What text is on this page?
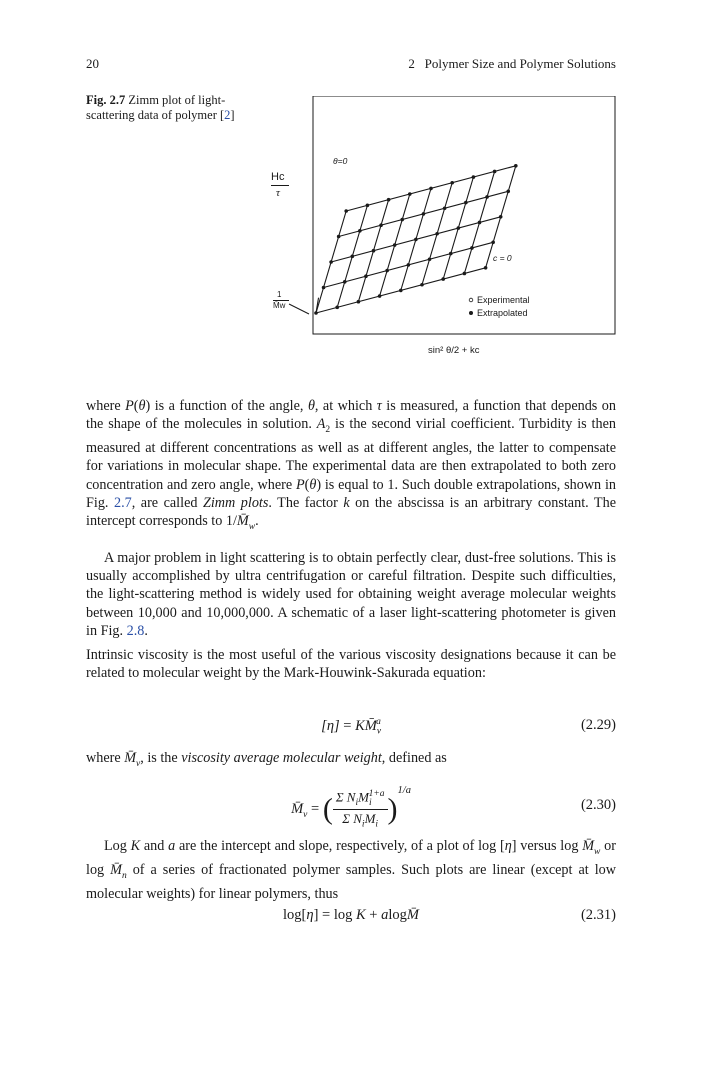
20	2   Polymer Size and Polymer Solutions
Fig. 2.7 Zimm plot of light-scattering data of polymer [2]
Hc
τ
1
M̄w
θ=0
c = 0
Experimental
Extrapolated
sin² θ/2 + kc

where P(θ) is a function of the angle, θ, at which τ is measured, a function that depends on the shape of the molecules in solution. $A_2$ is the second virial coefficient. Turbidity is then measured at different concentrations as well as at different angles, the latter to compensate for variations in molecular shape. The experimental data are then extrapolated to both zero concentration and zero angle, where P(θ) is equal to 1. Such double extrapolations, shown in Fig. 2.7, are called Zimm plots. The factor k on the abscissa is an arbitrary constant. The intercept corresponds to $1/M̄_w$.

A major problem in light scattering is to obtain perfectly clear, dust-free solutions. This is usually accomplished by ultra centrifugation or careful filtration. Despite such difficulties, the light-scattering method is widely used for obtaining weight average molecular weights between 10,000 and 10,000,000. A schematic of a laser light-scattering photometer is given in Fig. 2.8.

Intrinsic viscosity is the most useful of the various viscosity designations because it can be related to molecular weight by the Mark-Houwink-Sakurada equation:
$[\eta] = KM̄_v^a$	(2.29)

where $M̄_v$, is the viscosity average molecular weight, defined as

$M̄_v$ = ( $\frac{\Sigma N_iM_i^{1+a}}{\Sigma N_iM_i} )^{1/a}$
(2.30)

Log K and a are the intercept and slope, respectively, of a plot of log [η] versus $\log M̄_w$ or $\log M̄_n$ of a series of fractionated polymer samples. Such plots are linear (except at low molecular weights) for linear polymers, thus

log[η] = log K + alogM̄	(2.31)
